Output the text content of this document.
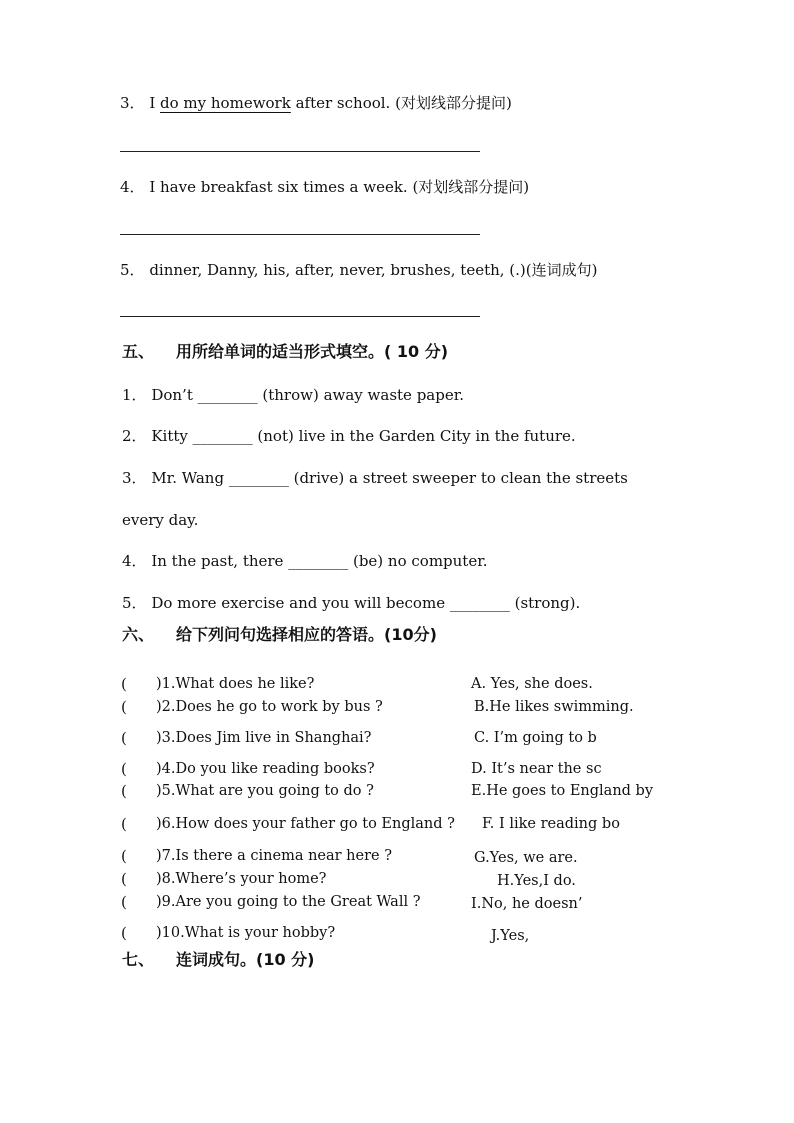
3． I do my homework after school. (对划线部分提问)
4． I have breakfast six times a week. (对划线部分提问)
5． dinner, Danny, his, after, never, brushes, teeth, (.)(连词成句)
五、 用所给单词的适当形式填空。( 10 分)
1． Don’t ________ (throw) away waste paper.
2． Kitty ________ (not) live in the Garden City in the future.
3． Mr. Wang ________ (drive) a street sweeper to clean the streets
every day.
4． In the past, there ________ (be) no computer.
5． Do more exercise and you will become ________ (strong).
六、 给下列问句选择相应的答语。(10分)
( )1.What does he like?	A. Yes, she does.
( )2.Does he go to work by bus ?	B.He likes swimming.
( )3.Does Jim live in Shanghai?	C. I’m going to b
( )4.Do you like reading books?	D. It’s near the sc
( )5.What are you going to do ?	E.He goes to England by
( )6.How does your father go to England ? F. I like reading bo
( )7.Is there a cinema near here ?	G.Yes, we are.
( )8.Where’s your home?	H.Yes,I do.
( )9.Are you going to the Great Wall ?	I.No, he doesn’
( )10.What is your hobby?	J.Yes,
七、 连词成句。(10 分)
